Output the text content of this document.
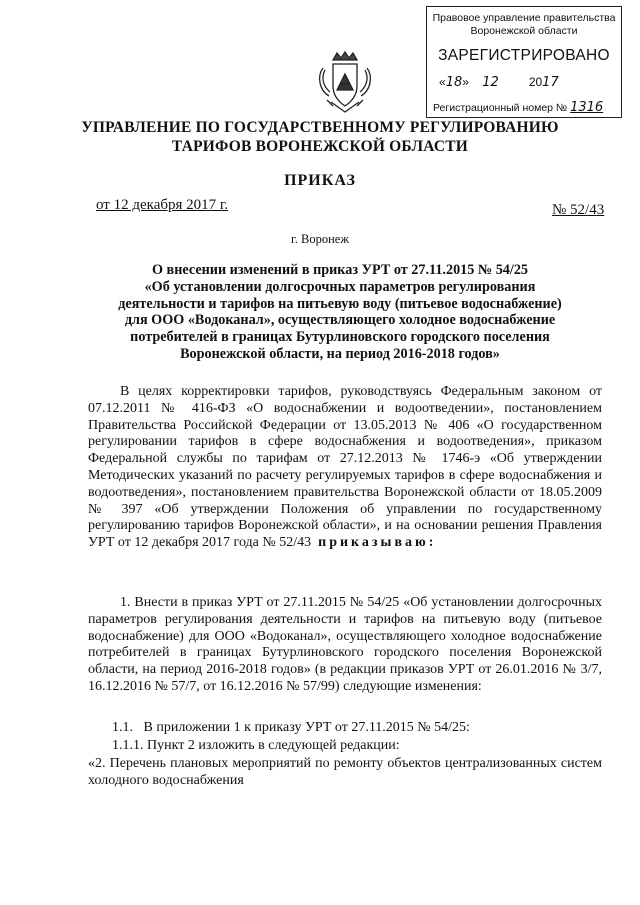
Правовое управление правительства
Воронежской области
ЗАРЕГИСТРИРОВАНО
«18»    12	2017
Регистрационный номер № 1316
УПРАВЛЕНИЕ ПО ГОСУДАРСТВЕННОМУ РЕГУЛИРОВАНИЮ
ТАРИФОВ ВОРОНЕЖСКОЙ ОБЛАСТИ
ПРИКАЗ
от 12 декабря 2017 г.	№ 52/43
г. Воронеж
О внесении изменений в приказ УРТ от 27.11.2015 № 54/25
«Об установлении долгосрочных параметров регулирования
деятельности и тарифов на питьевую воду (питьевое водоснабжение)
для ООО «Водоканал», осуществляющего холодное водоснабжение
потребителей в границах Бутурлиновского городского поселения
Воронежской области, на период 2016-2018 годов»
В целях корректировки тарифов, руководствуясь Федеральным законом от 07.12.2011 № 416-ФЗ «О водоснабжении и водоотведении», постановлением Правительства Российской Федерации от 13.05.2013 № 406 «О государственном регулировании тарифов в сфере водоснабжения и водоотведения», приказом Федеральной службы по тарифам от 27.12.2013 № 1746-э «Об утверждении Методических указаний по расчету регулируемых тарифов в сфере водоснабжения и водоотведения», постановлением правительства Воронежской области от 18.05.2009 № 397 «Об утверждении Положения об управлении по государственному регулированию тарифов Воронежской области», и на основании решения Правления УРТ от 12 декабря 2017 года № 52/43 приказываю:
1. Внести в приказ УРТ от 27.11.2015 № 54/25 «Об установлении долгосрочных параметров регулирования деятельности и тарифов на питьевую воду (питьевое водоснабжение) для ООО «Водоканал», осуществляющего холодное водоснабжение потребителей в границах Бутурлиновского городского поселения Воронежской области, на период 2016-2018 годов» (в редакции приказов УРТ от 26.01.2016 № 3/7, 16.12.2016 № 57/7, от 16.12.2016 № 57/99) следующие изменения:
1.1.   В приложении 1 к приказу УРТ от 27.11.2015 № 54/25:
1.1.1. Пункт 2 изложить в следующей редакции:
«2. Перечень плановых мероприятий по ремонту объектов централизованных систем холодного водоснабжения
